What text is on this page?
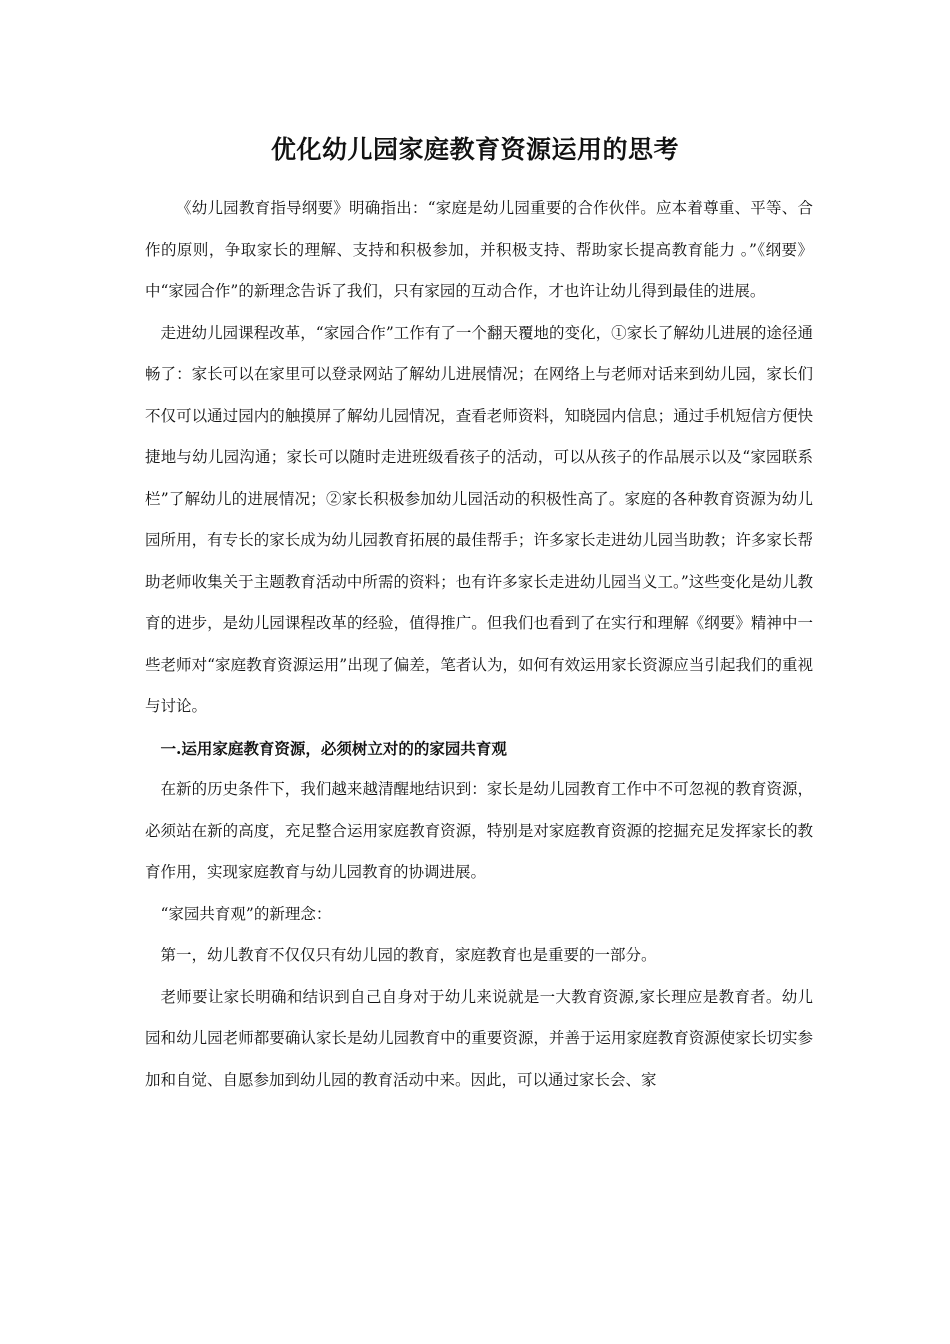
优化幼儿园家庭教育资源运用的思考

《幼儿园教育指导纲要》明确指出：“家庭是幼儿园重要的合作伙伴。应本着尊重、平等、合作的原则，争取家长的理解、支持和积极参加，并积极支持、帮助家长提高教育能力 。”《纲要》中“家园合作”的新理念告诉了我们，只有家园的互动合作，才也许让幼儿得到最佳的进展。

走进幼儿园课程改革，“家园合作”工作有了一个翻天覆地的变化，①家长了解幼儿进展的途径通畅了：家长可以在家里可以登录网站了解幼儿进展情况；在网络上与老师对话来到幼儿园，家长们不仅可以通过园内的触摸屏了解幼儿园情况，查看老师资料，知晓园内信息；通过手机短信方便快捷地与幼儿园沟通；家长可以随时走进班级看孩子的活动，可以从孩子的作品展示以及“家园联系栏”了解幼儿的进展情况；②家长积极参加幼儿园活动的积极性高了。家庭的各种教育资源为幼儿园所用，有专长的家长成为幼儿园教育拓展的最佳帮手；许多家长走进幼儿园当助教；许多家长帮助老师收集关于主题教育活动中所需的资料；也有许多家长走进幼儿园当义工。”这些变化是幼儿教育的进步，是幼儿园课程改革的经验，值得推广。但我们也看到了在实行和理解《纲要》精神中一些老师对“家庭教育资源运用”出现了偏差，笔者认为，如何有效运用家长资源应当引起我们的重视与讨论。

一.运用家庭教育资源，必须树立对的的家园共育观

在新的历史条件下，我们越来越清醒地结识到：家长是幼儿园教育工作中不可忽视的教育资源，必须站在新的高度，充足整合运用家庭教育资源，特别是对家庭教育资源的挖掘充足发挥家长的教育作用，实现家庭教育与幼儿园教育的协调进展。

“家园共育观”的新理念：

第一，幼儿教育不仅仅只有幼儿园的教育，家庭教育也是重要的一部分。

老师要让家长明确和结识到自己自身对于幼儿来说就是一大教育资源,家长理应是教育者。幼儿园和幼儿园老师都要确认家长是幼儿园教育中的重要资源，并善于运用家庭教育资源使家长切实参加和自觉、自愿参加到幼儿园的教育活动中来。因此，可以通过家长会、家
